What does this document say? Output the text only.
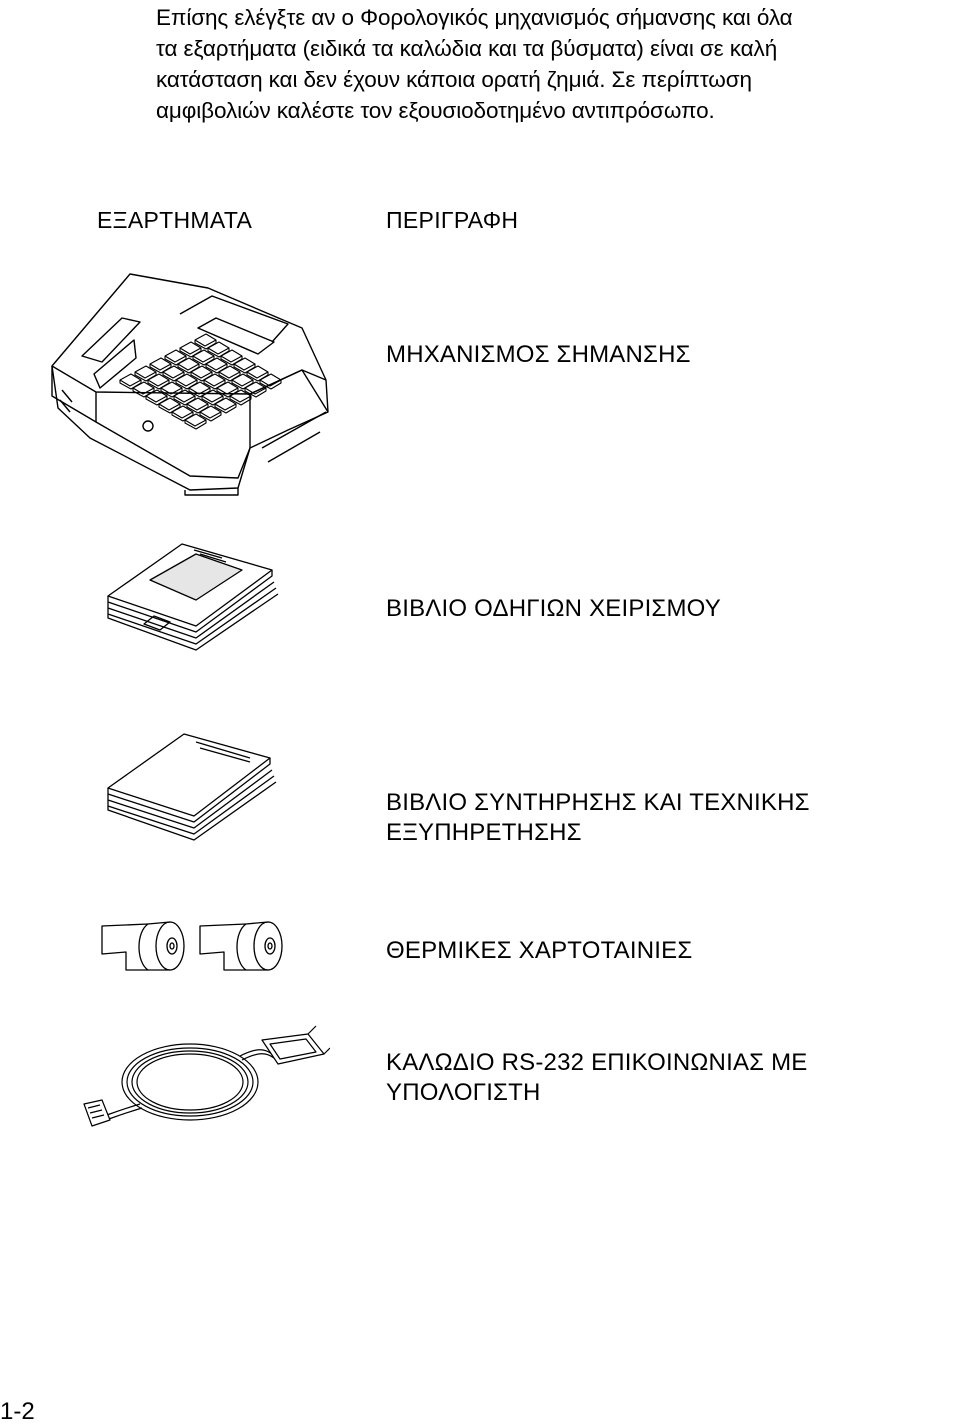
Επίσης ελέγξτε αν ο Φορολογικός μηχανισμός σήμανσης και όλα

τα εξαρτήματα (ειδικά τα καλώδια και τα βύσματα) είναι σε καλή

κατάσταση και δεν έχουν κάποια ορατή ζημιά. Σε περίπτωση

αμφιβολιών καλέστε τον εξουσιοδοτημένο αντιπρόσωπο.

ΕΞΑΡΤΗΜΑΤΑ	ΠΕΡΙΓΡΑΦΗ
ΜΗΧΑΝΙΣΜΟΣ ΣΗΜΑΝΣΗΣ
ΒΙΒΛΙΟ ΟΔΗΓΙΩΝ ΧΕΙΡΙΣΜΟΥ
ΒΙΒΛΙΟ ΣΥΝΤΗΡΗΣΗΣ ΚΑΙ ΤΕΧΝΙΚΗΣ
ΕΞΥΠΗΡΕΤΗΣΗΣ
ΘΕΡΜΙΚΕΣ ΧΑΡΤΟΤΑΙΝΙΕΣ
ΚΑΛΩΔΙΟ RS-232 ΕΠΙΚΟΙΝΩΝΙΑΣ ΜΕ
ΥΠΟΛΟΓΙΣΤΗ
1-2
